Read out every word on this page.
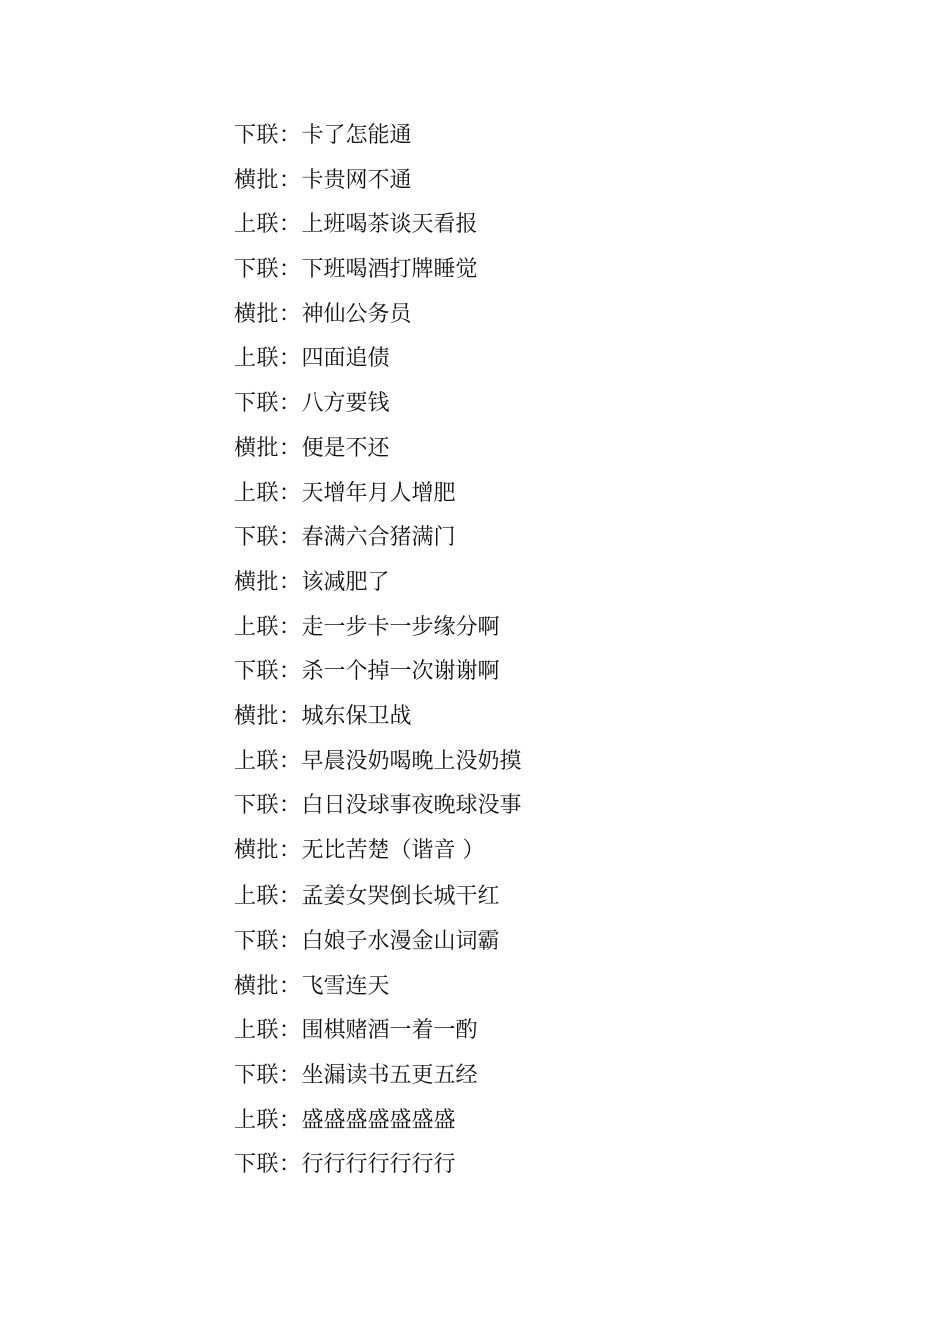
下联：卡了怎能通
横批：卡贵网不通
上联：上班喝茶谈天看报
下联：下班喝酒打牌睡觉
横批：神仙公务员
上联：四面追债
下联：八方要钱
横批：便是不还
上联：天增年月人增肥
下联：春满六合猪满门
横批：该减肥了
上联：走一步卡一步缘分啊
下联：杀一个掉一次谢谢啊
横批：城东保卫战
上联：早晨没奶喝晚上没奶摸
下联：白日没球事夜晚球没事
横批：无比苦楚（谐音 ）
上联：孟姜女哭倒长城干红
下联：白娘子水漫金山词霸
横批：飞雪连天
上联：围棋赌酒一着一酌
下联：坐漏读书五更五经
上联：盛盛盛盛盛盛盛
下联：行行行行行行行
